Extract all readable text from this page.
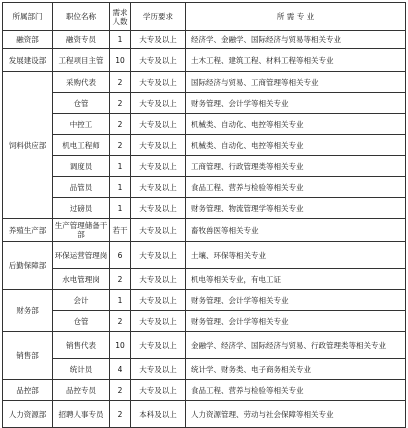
所属部门	职位名称	需求人数	学历要求	所 需 专 业
融资部	融资专员	1	大专及以上	经济学、金融学、国际经济与贸易等相关专业
发展建设部	工程项目主管	10	大专及以上	土木工程、建筑工程、材料工程等相关专业
饲料供应部	采购代表	2	大专及以上	国际经济与贸易、工商管理等相关专业
	仓管	2	大专及以上	财务管理、会计学等相关专业
	中控工	2	大专及以上	机械类、自动化、电控等相关专业
	机电工程师	2	大专及以上	机械类、自动化、电控等相关专业
	调度员	1	大专及以上	工商管理、行政管理类等相关专业
	品管员	1	大专及以上	食品工程、营养与检验等相关专业
	过磅员	1	大专及以上	财务管理、物流管理学等相关专业
养殖生产部	生产管理储备干部	若干	大专及以上	畜牧兽医等相关专业
后勤保障部	环保运营管理岗	6	大专及以上	土壤、环保等相关专业
	水电管理岗	2	大专及以上	机电等相关专业，有电工证
财务部	会计	1	大专及以上	财务管理、会计学等相关专业
	仓管	2	大专及以上	财务管理、会计学等相关专业
销售部	销售代表	10	大专及以上	金融学、经济学、国际经济与贸易、行政管理类等相关专业
	统计员	4	大专及以上	统计学、财务类、电子商务相关专业
品控部	品控专员	2	大专及以上	食品工程、营养与检验等相关专业
人力资源部	招聘人事专员	2	本科及以上	人力资源管理、劳动与社会保障等相关专业
